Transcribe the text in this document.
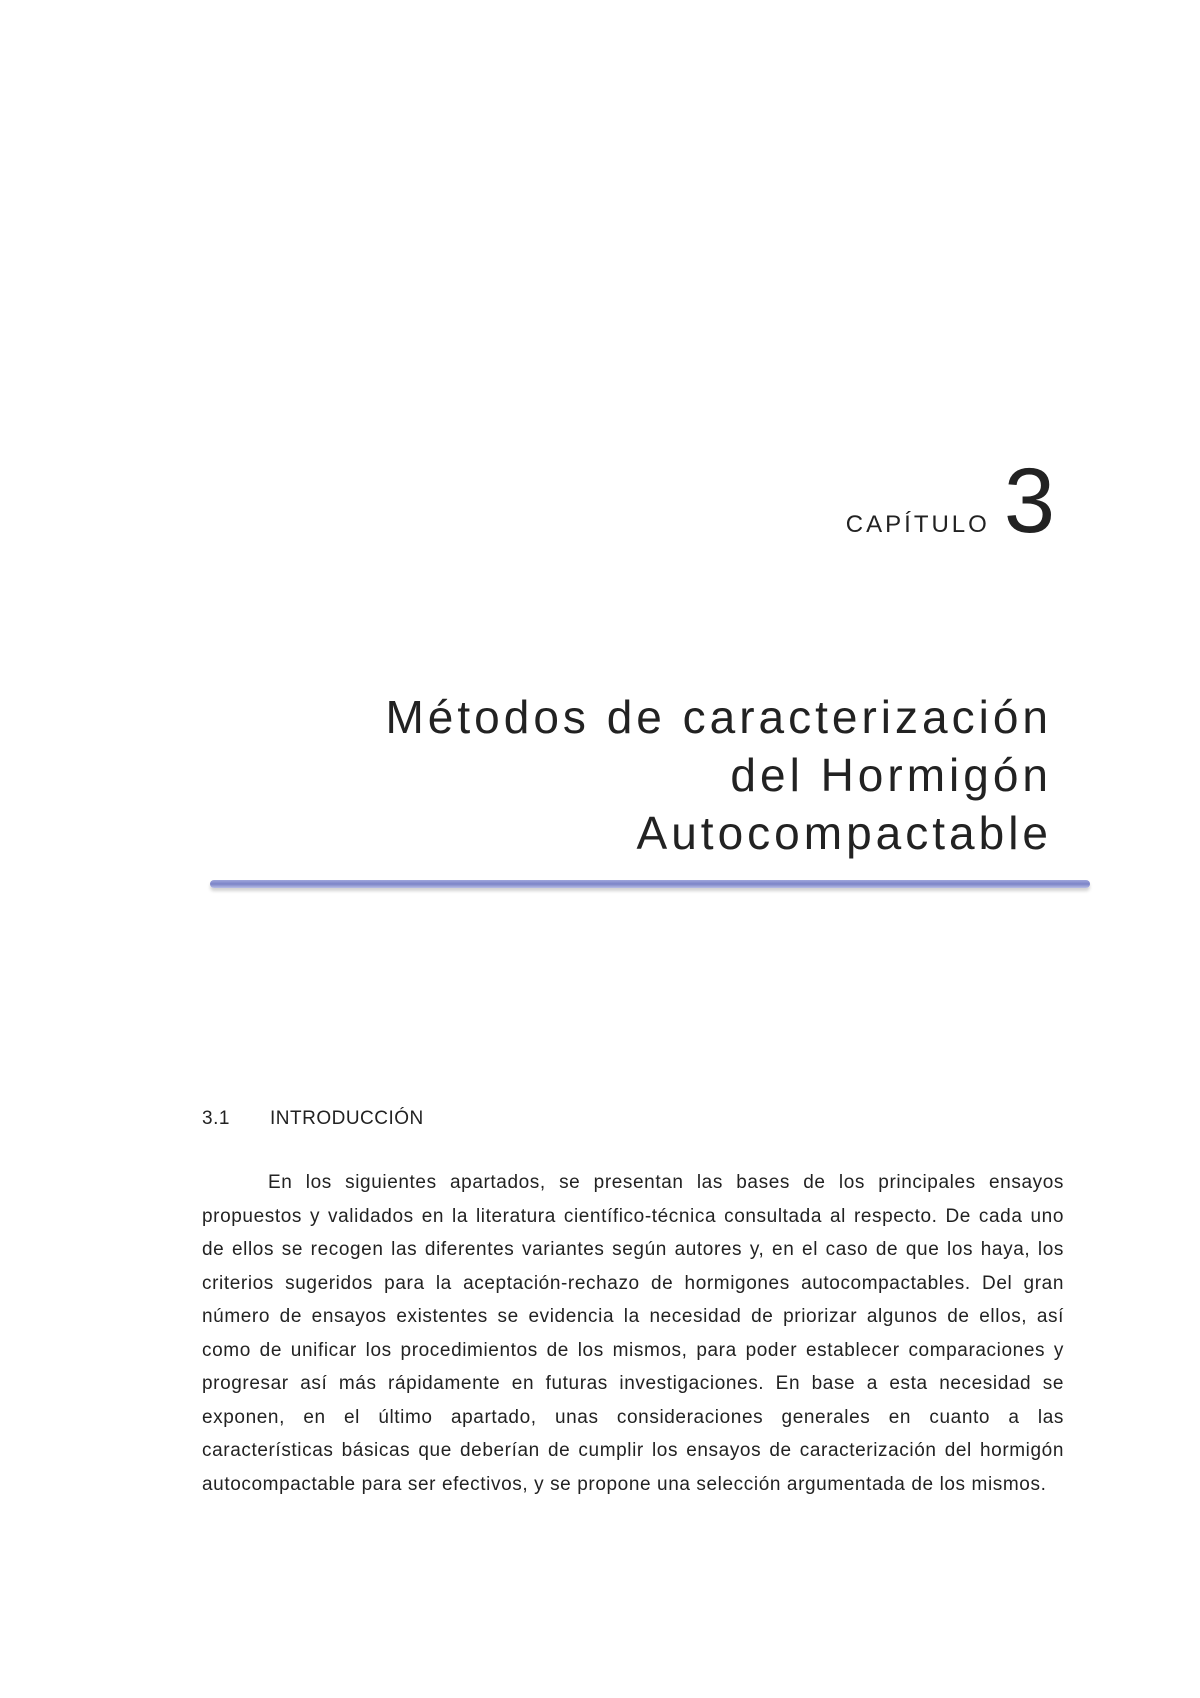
capítulo 3
Métodos de caracterización
del Hormigón
Autocompactable
3.1	INTRODUCCIÓN

En los siguientes apartados, se presentan las bases de los principales ensayos propuestos y validados en la literatura científico-técnica consultada al respecto. De cada uno de ellos se recogen las diferentes variantes según autores y, en el caso de que los haya, los criterios sugeridos para la aceptación-rechazo de hormigones autocompactables. Del gran número de ensayos existentes se evidencia la necesidad de priorizar algunos de ellos, así como de unificar los procedimientos de los mismos, para poder establecer comparaciones y progresar así más rápidamente en futuras investigaciones. En base a esta necesidad se exponen, en el último apartado, unas consideraciones generales en cuanto a las características básicas que deberían de cumplir los ensayos de caracterización del hormigón autocompactable para ser efectivos, y se propone una selección argumentada de los mismos.
